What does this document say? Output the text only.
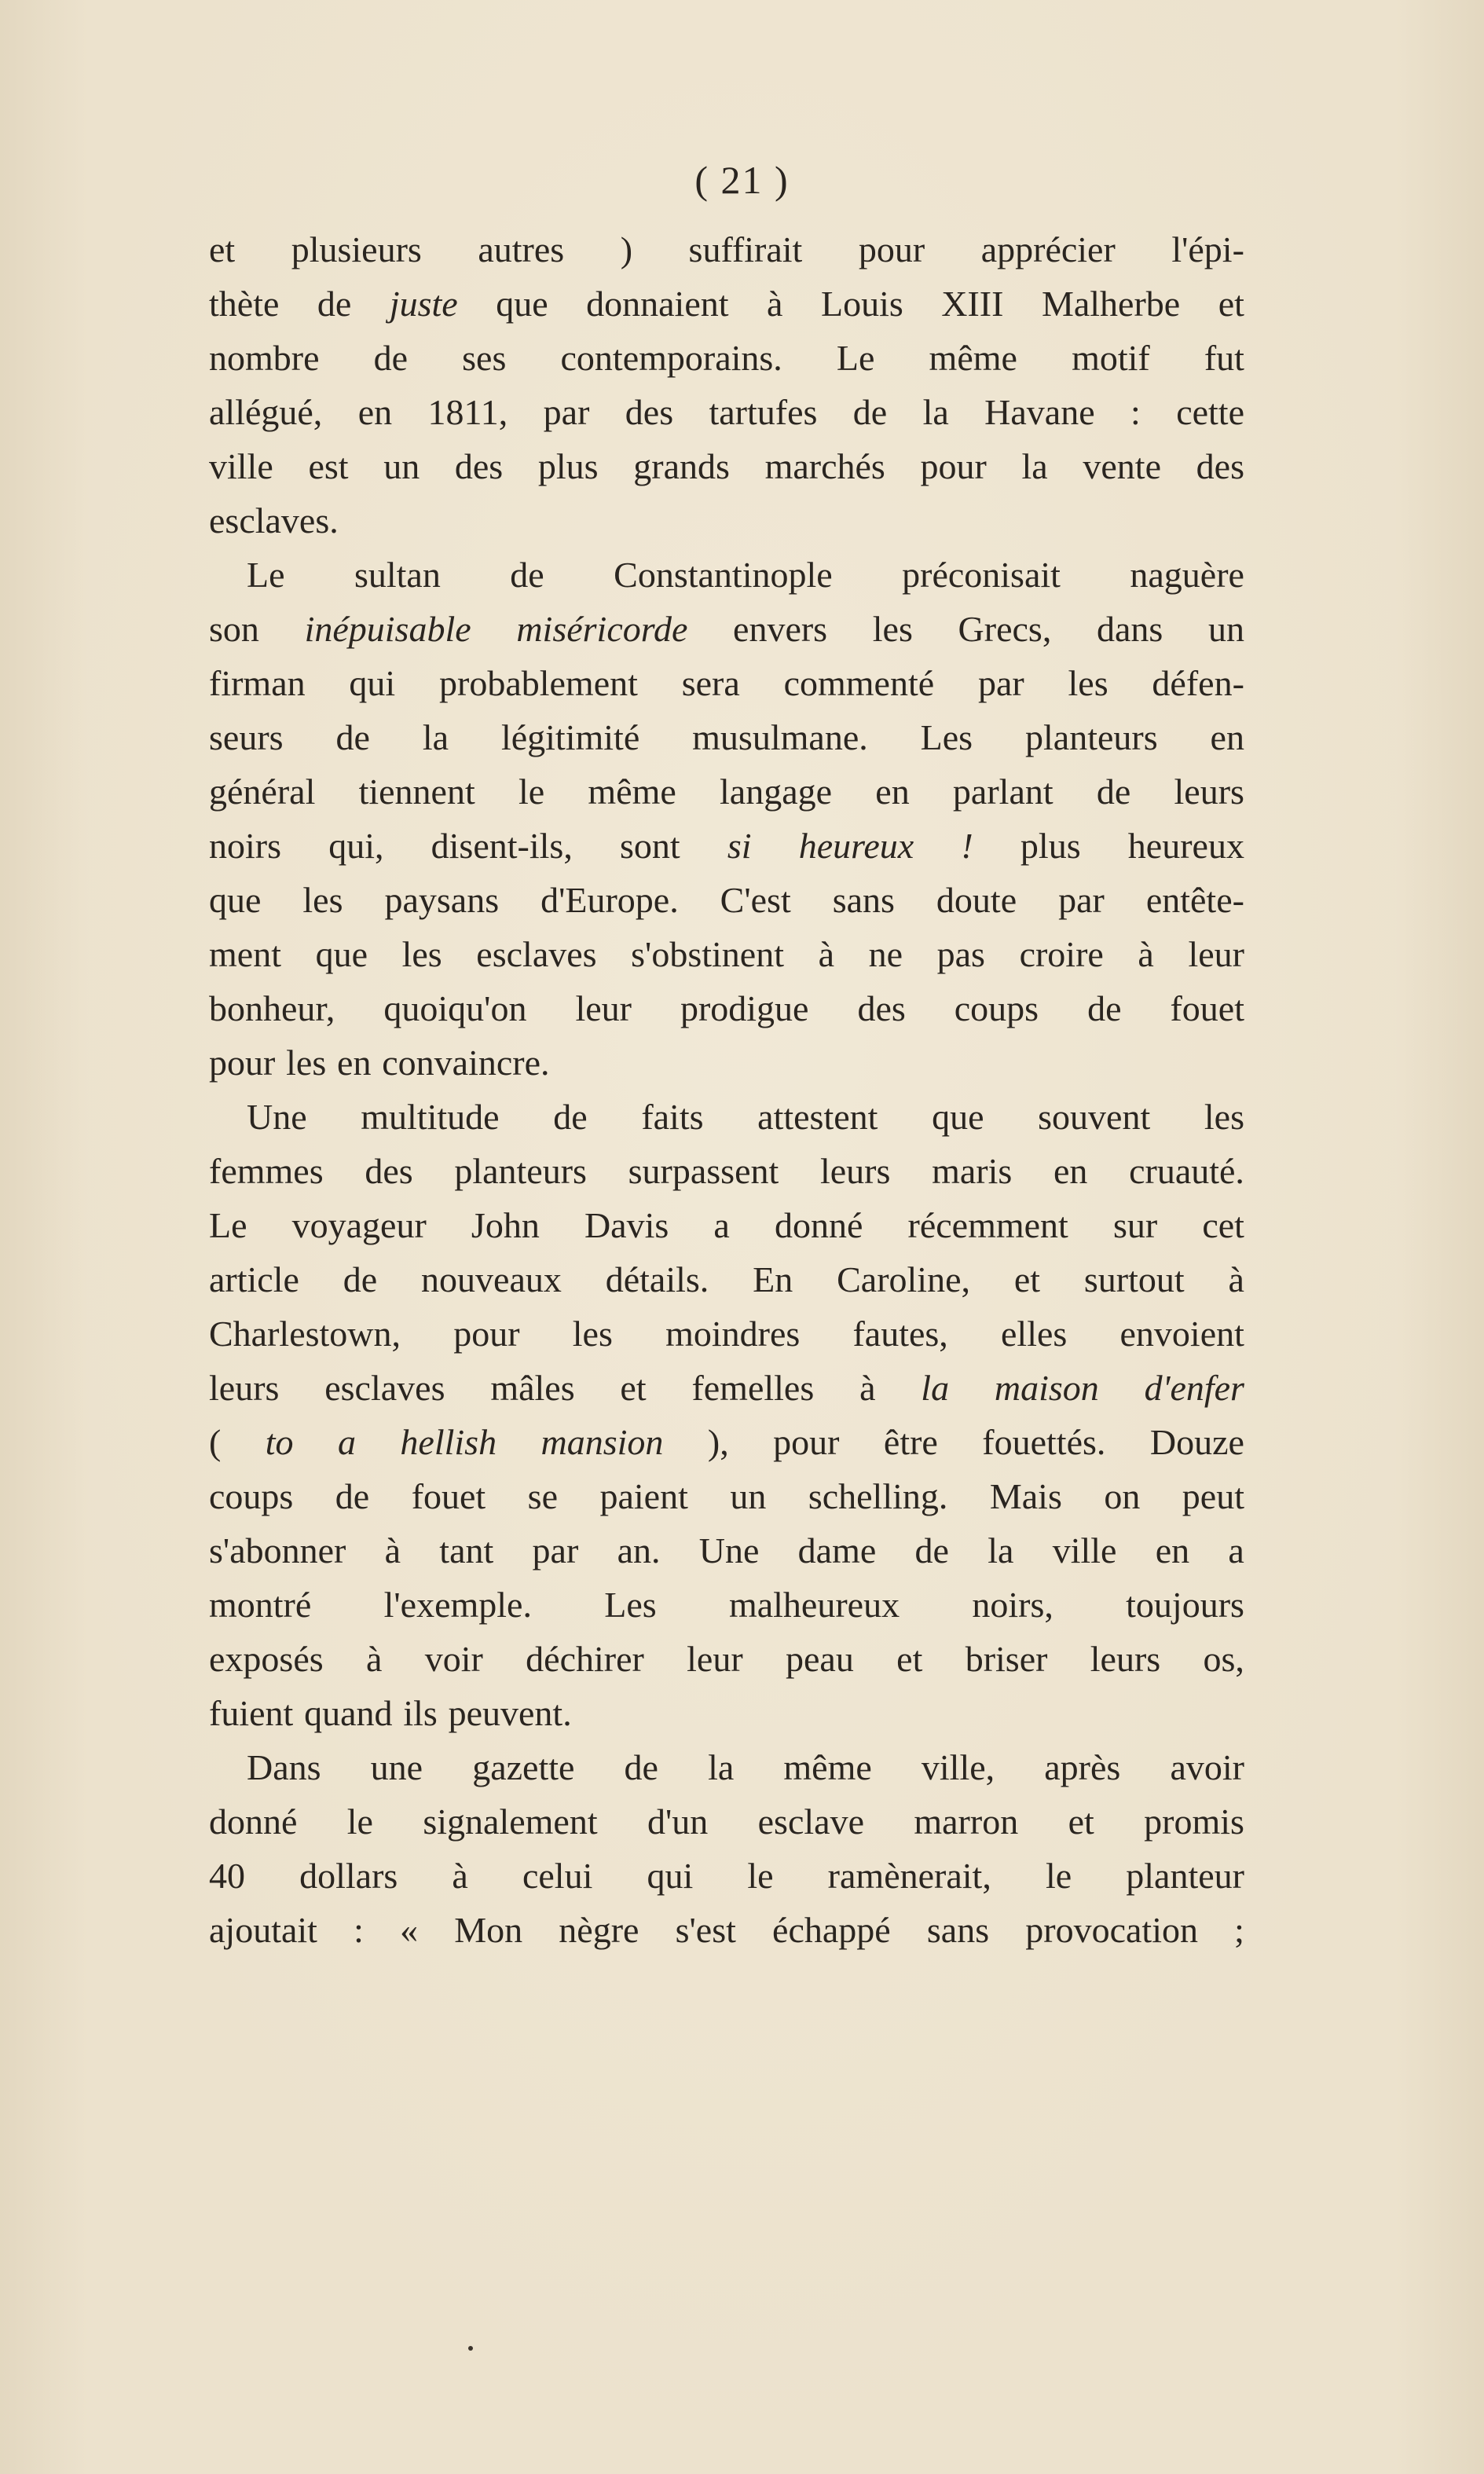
( 21 )
et plusieurs autres ) suffirait pour apprécier l'épi-
thète de juste que donnaient à Louis XIII Malherbe et
nombre de ses contemporains. Le même motif fut
allégué, en 1811, par des tartufes de la Havane : cette
ville est un des plus grands marchés pour la vente des
esclaves.
Le sultan de Constantinople préconisait naguère
son inépuisable miséricorde envers les Grecs, dans un
firman qui probablement sera commenté par les défen-
seurs de la légitimité musulmane. Les planteurs en
général tiennent le même langage en parlant de leurs
noirs qui, disent-ils, sont si heureux ! plus heureux
que les paysans d'Europe. C'est sans doute par entête-
ment que les esclaves s'obstinent à ne pas croire à leur
bonheur, quoiqu'on leur prodigue des coups de fouet
pour les en convaincre.
Une multitude de faits attestent que souvent les
femmes des planteurs surpassent leurs maris en cruauté.
Le voyageur John Davis a donné récemment sur cet
article de nouveaux détails. En Caroline, et surtout à
Charlestown, pour les moindres fautes, elles envoient
leurs esclaves mâles et femelles à la maison d'enfer
( to a hellish mansion ), pour être fouettés. Douze
coups de fouet se paient un schelling. Mais on peut
s'abonner à tant par an. Une dame de la ville en a
montré l'exemple. Les malheureux noirs, toujours
exposés à voir déchirer leur peau et briser leurs os,
fuient quand ils peuvent.
Dans une gazette de la même ville, après avoir
donné le signalement d'un esclave marron et promis
40 dollars à celui qui le ramènerait, le planteur
ajoutait : « Mon nègre s'est échappé sans provocation ;
